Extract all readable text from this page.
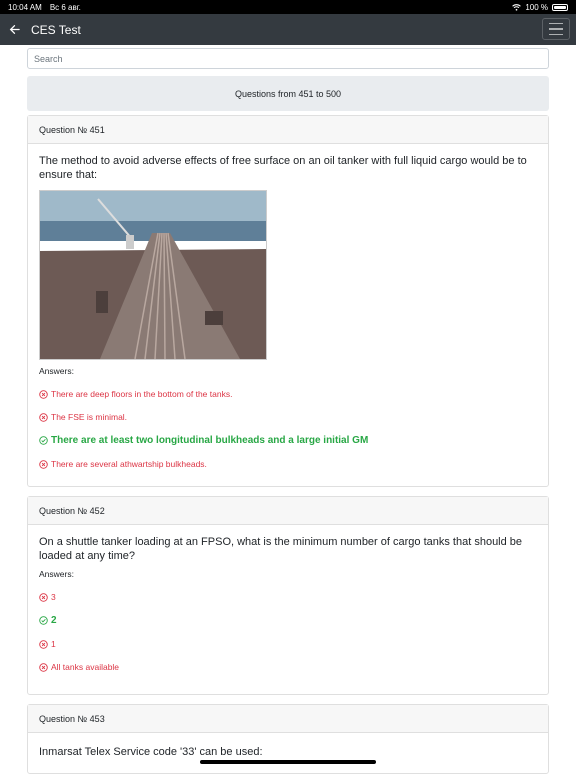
10:04 AM Вс 6 авг.	100 %
CES Test
Search
Questions from 451 to 500
Question № 451

The method to avoid adverse effects of free surface on an oil tanker with full liquid cargo would be to ensure that:

Answers:
There are deep floors in the bottom of the tanks.
The FSE is minimal.
There are at least two longitudinal bulkheads and a large initial GM
There are several athwartship bulkheads.
Question № 452

On a shuttle tanker loading at an FPSO, what is the minimum number of cargo tanks that should be loaded at any time?

Answers:
3
2
1
All tanks available
Question № 453

Inmarsat Telex Service code '33' can be used:
